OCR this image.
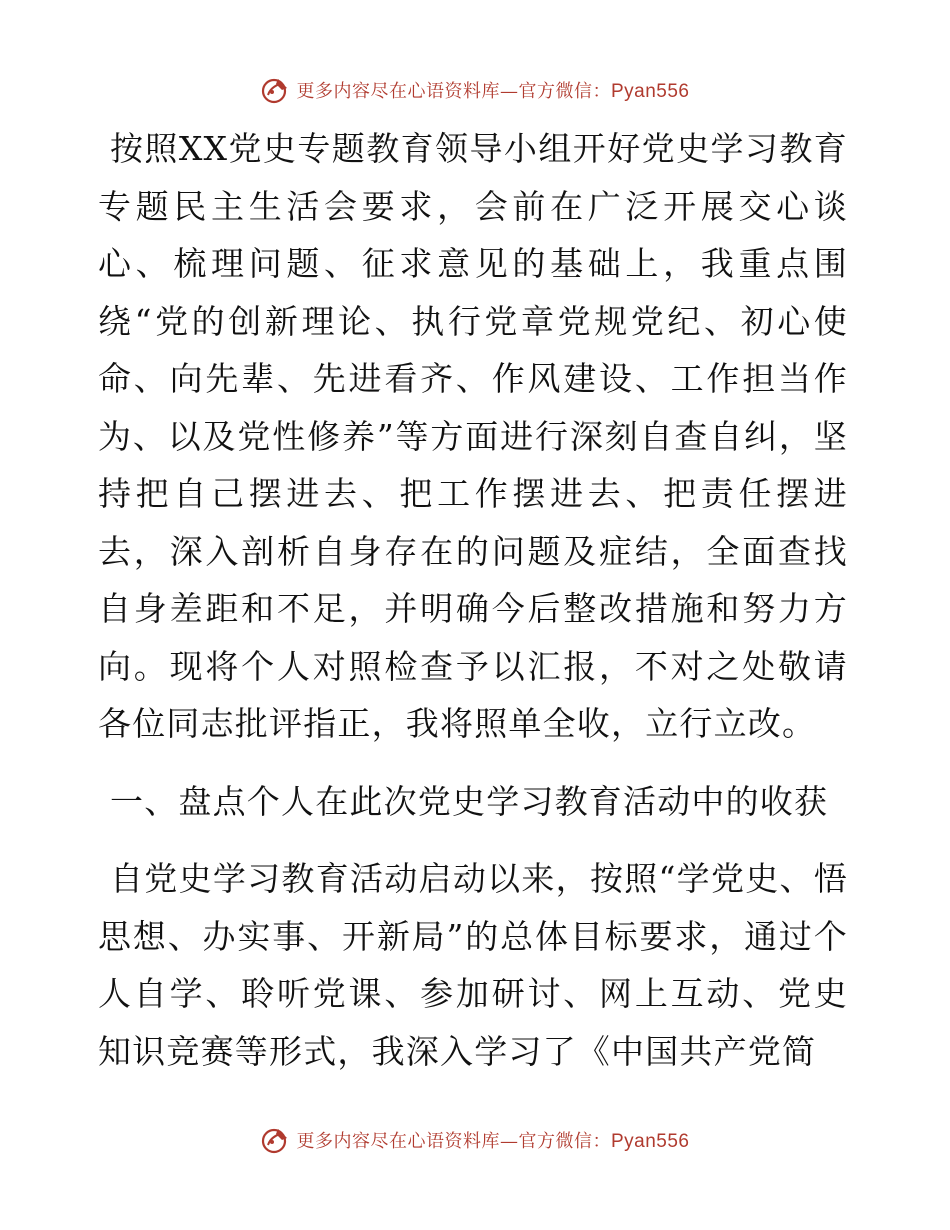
更多内容尽在心语资料库—官方微信：Pyan556

按照XX党史专题教育领导小组开好党史学习教育专题民主生活会要求，会前在广泛开展交心谈心、梳理问题、征求意见的基础上，我重点围绕“党的创新理论、执行党章党规党纪、初心使命、向先辈、先进看齐、作风建设、工作担当作为、以及党性修养”等方面进行深刻自查自纠，坚持把自己摆进去、把工作摆进去、把责任摆进去，深入剖析自身存在的问题及症结，全面查找自身差距和不足，并明确今后整改措施和努力方向。现将个人对照检查予以汇报，不对之处敬请各位同志批评指正，我将照单全收，立行立改。

一、盘点个人在此次党史学习教育活动中的收获

自党史学习教育活动启动以来，按照“学党史、悟思想、办实事、开新局”的总体目标要求，通过个人自学、聆听党课、参加研讨、网上互动、党史知识竞赛等形式，我深入学习了《中国共产党简

更多内容尽在心语资料库—官方微信：Pyan556
